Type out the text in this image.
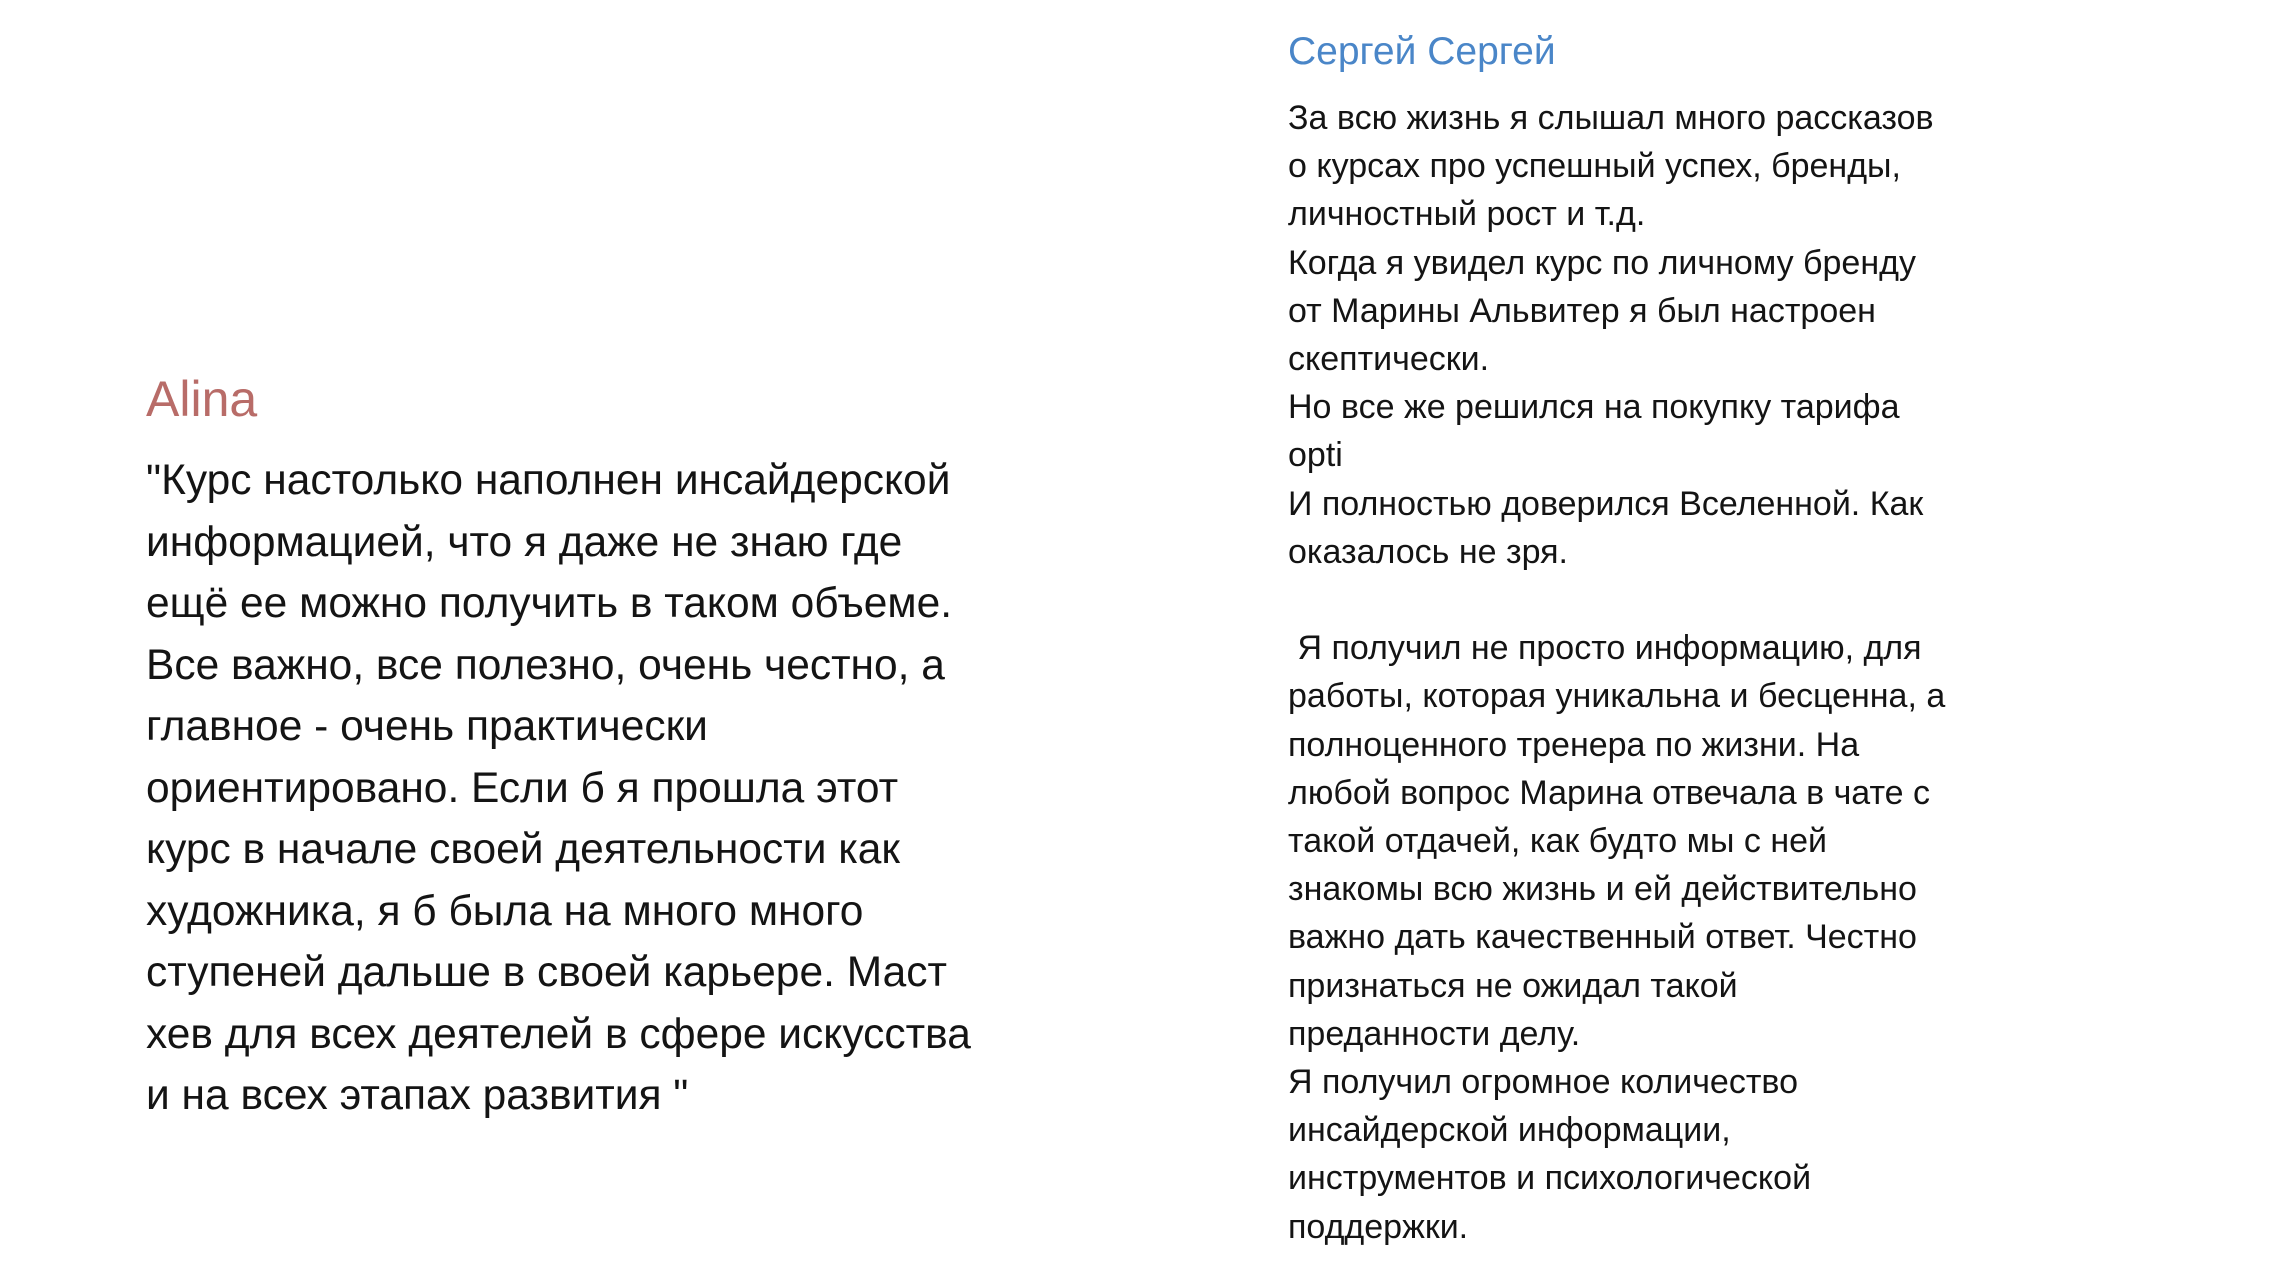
Alina

"Курс настолько наполнен инсайдерской
информацией, что я даже не знаю где
ещё ее можно получить в таком объеме.
Все важно, все полезно, очень честно, а
главное - очень практически
ориентировано. Если б я прошла этот
курс в начале своей деятельности как
художника, я б была на много много
ступеней дальше в своей карьере. Маст
хев для всех деятелей в сфере искусства
и на всех этапах развития "

Сергей Сергей

За всю жизнь я слышал много рассказов
о курсах про успешный успех, бренды,
личностный рост и т.д.
Когда я увидел курс по личному бренду
от Марины Альвитер я был настроен
скептически.
Но все же решился на покупку тарифа
opti
И полностью доверился Вселенной. Как
оказалось не зря.
Я получил не просто информацию, для
работы, которая уникальна и бесценна, а
полноценного тренера по жизни. На
любой вопрос Марина отвечала в чате с
такой отдачей, как будто мы с ней
знакомы всю жизнь и ей действительно
важно дать качественный ответ. Честно
признаться не ожидал такой
преданности делу.
Я получил огромное количество
инсайдерской информации,
инструментов и психологической
поддержки.
